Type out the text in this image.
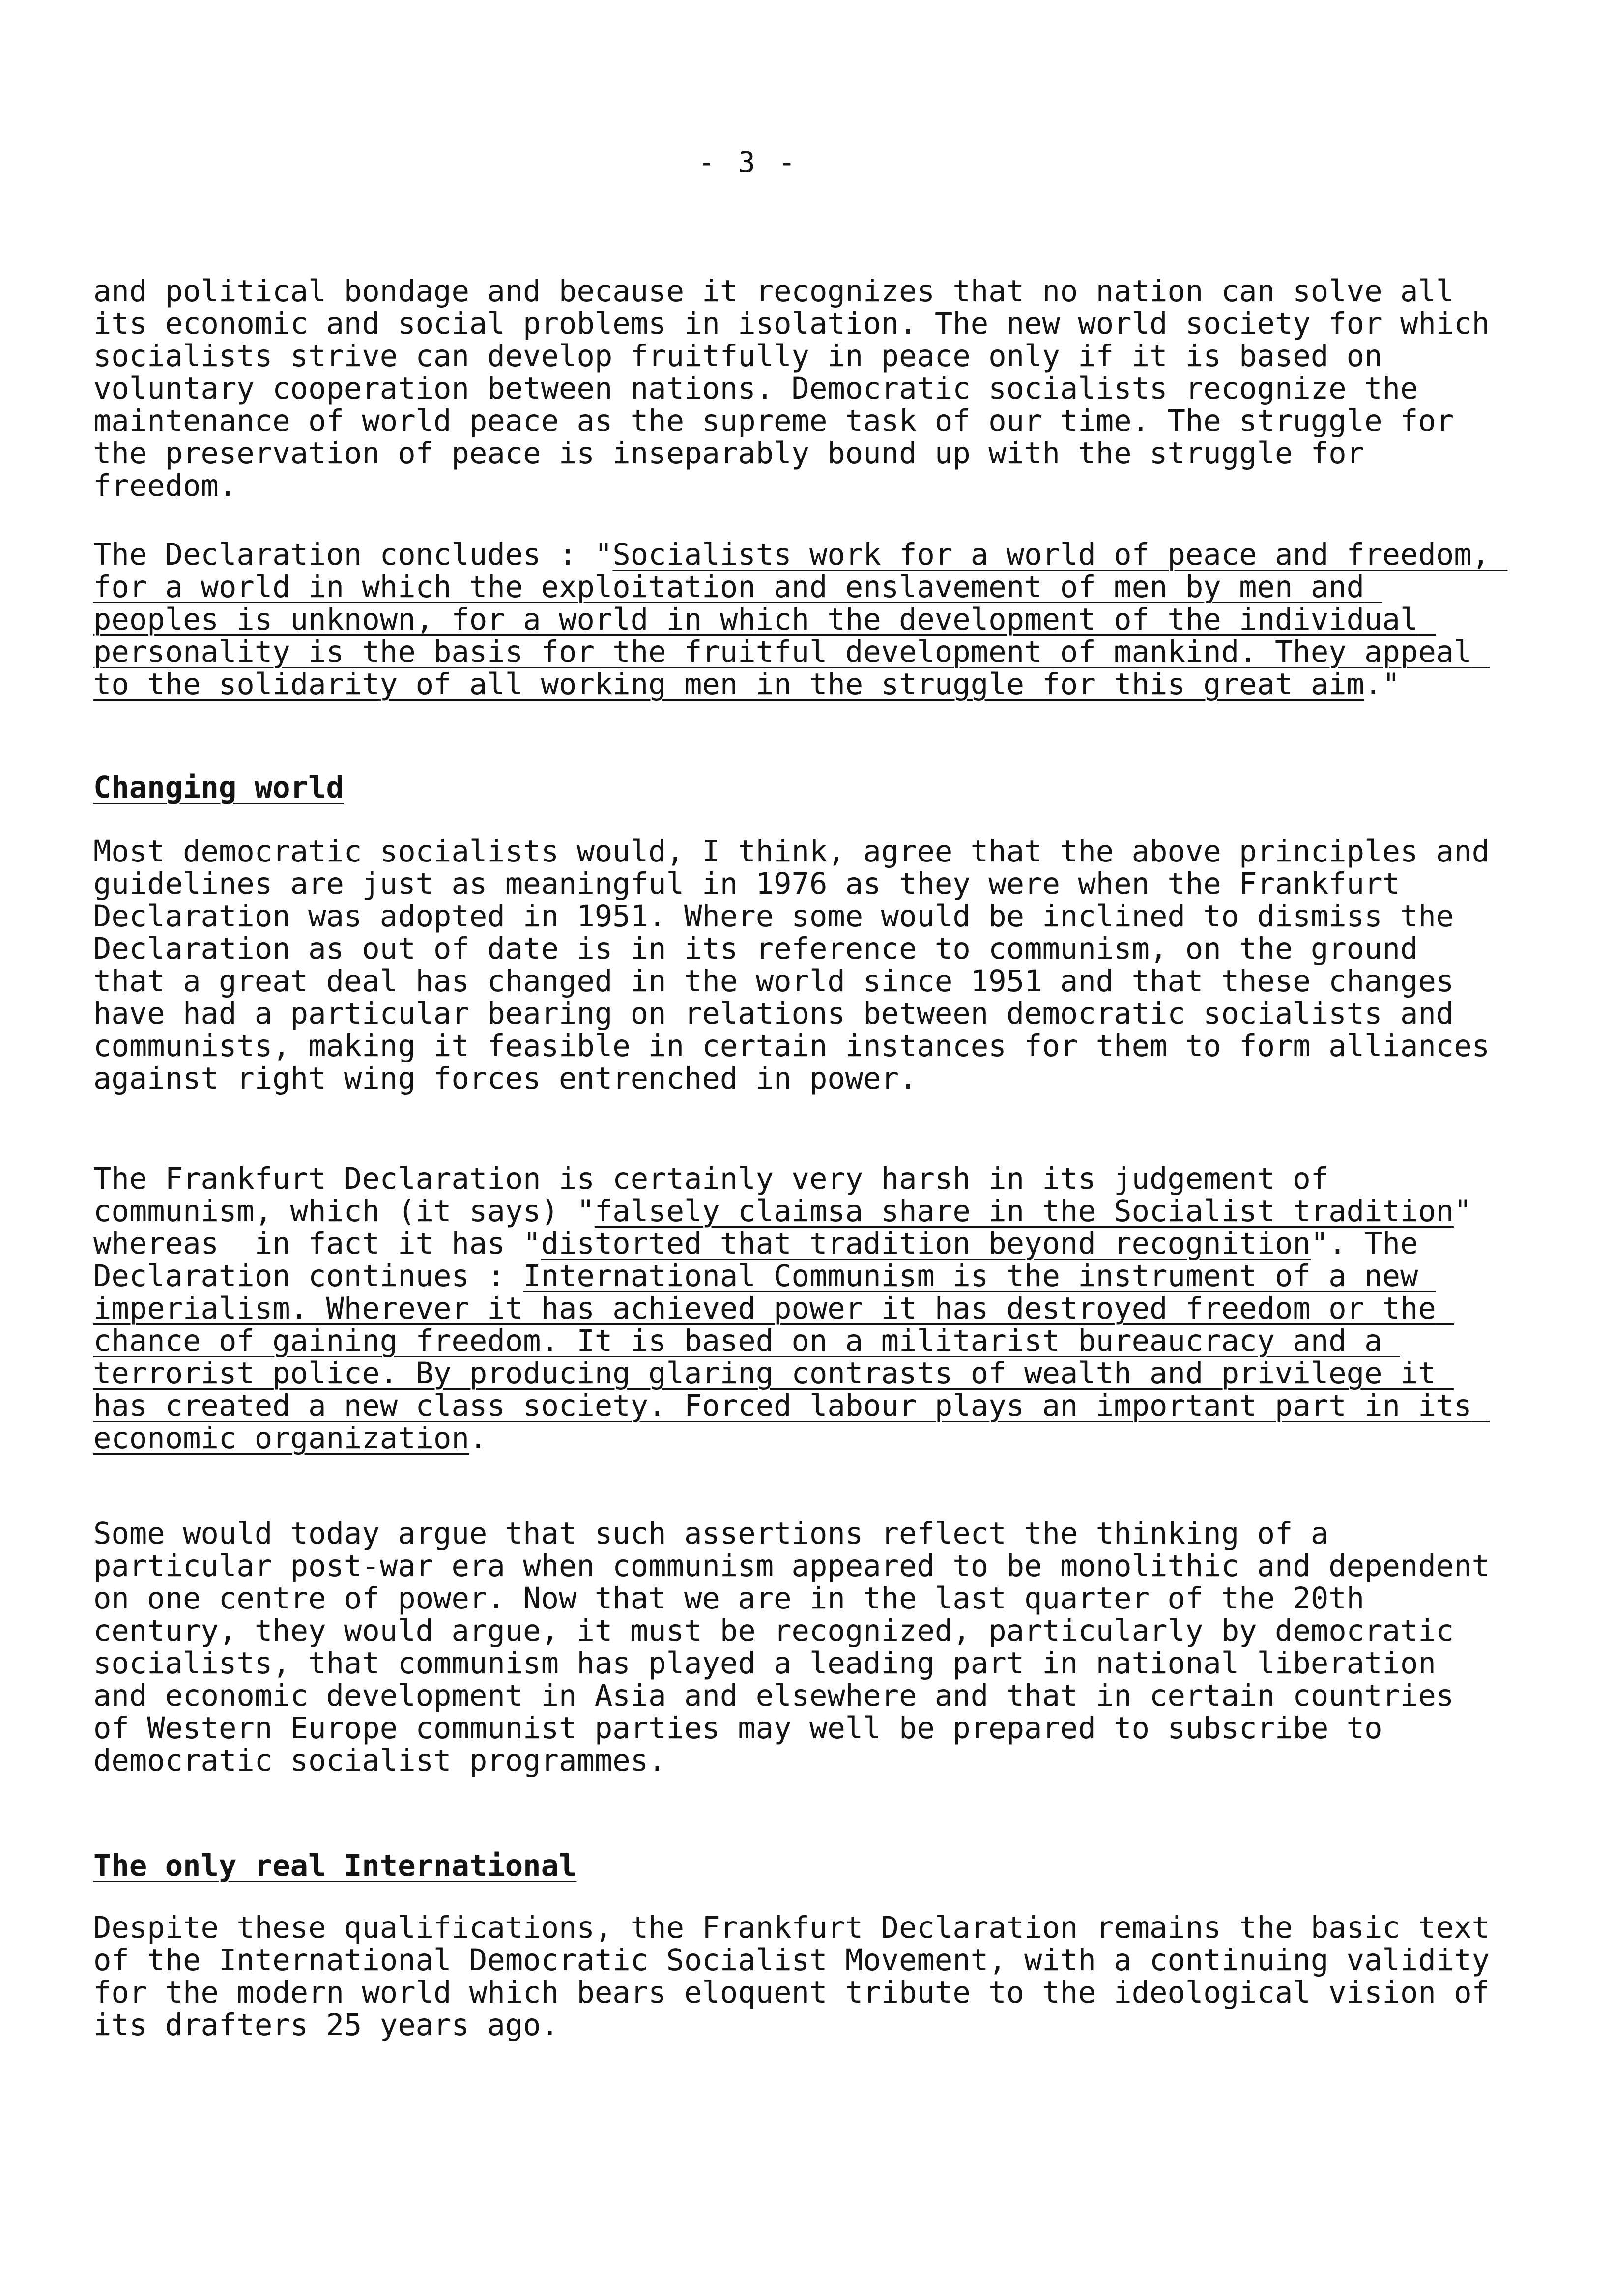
- 3 -

and political bondage and because it recognizes that no nation can solve all its economic and social problems in isolation. The new world society for which socialists strive can develop fruitfully in peace only if it is based on voluntary cooperation between nations. Democratic socialists recognize the maintenance of world peace as the supreme task of our time. The struggle for the preservation of peace is inseparably bound up with the struggle for freedom.

The Declaration concludes : "Socialists work for a world of peace and freedom, for a world in which the exploitation and enslavement of men by men and peoples is unknown, for a world in which the development of the individual personality is the basis for the fruitful development of mankind. They appeal to the solidarity of all working men in the struggle for this great aim."

Changing world

Most democratic socialists would, I think, agree that the above principles and guidelines are just as meaningful in 1976 as they were when the Frankfurt Declaration was adopted in 1951. Where some would be inclined to dismiss the Declaration as out of date is in its reference to communism, on the ground that a great deal has changed in the world since 1951 and that these changes have had a particular bearing on relations between democratic socialists and communists, making it feasible in certain instances for them to form alliances against right wing forces entrenched in power.

The Frankfurt Declaration is certainly very harsh in its judgement of communism, which (it says) "falsely claimsa share in the Socialist tradition" whereas  in fact it has "distorted that tradition beyond recognition". The Declaration continues : International Communism is the instrument of a new imperialism. Wherever it has achieved power it has destroyed freedom or the chance of gaining freedom. It is based on a militarist bureaucracy and a terrorist police. By producing glaring contrasts of wealth and privilege it has created a new class society. Forced labour plays an important part in its economic organization.

Some would today argue that such assertions reflect the thinking of a particular post-war era when communism appeared to be monolithic and dependent on one centre of power. Now that we are in the last quarter of the 20th century, they would argue, it must be recognized, particularly by democratic socialists, that communism has played a leading part in national liberation and economic development in Asia and elsewhere and that in certain countries of Western Europe communist parties may well be prepared to subscribe to democratic socialist programmes.

The only real International

Despite these qualifications, the Frankfurt Declaration remains the basic text of the International Democratic Socialist Movement, with a continuing validity for the modern world which bears eloquent tribute to the ideological vision of its drafters 25 years ago.
